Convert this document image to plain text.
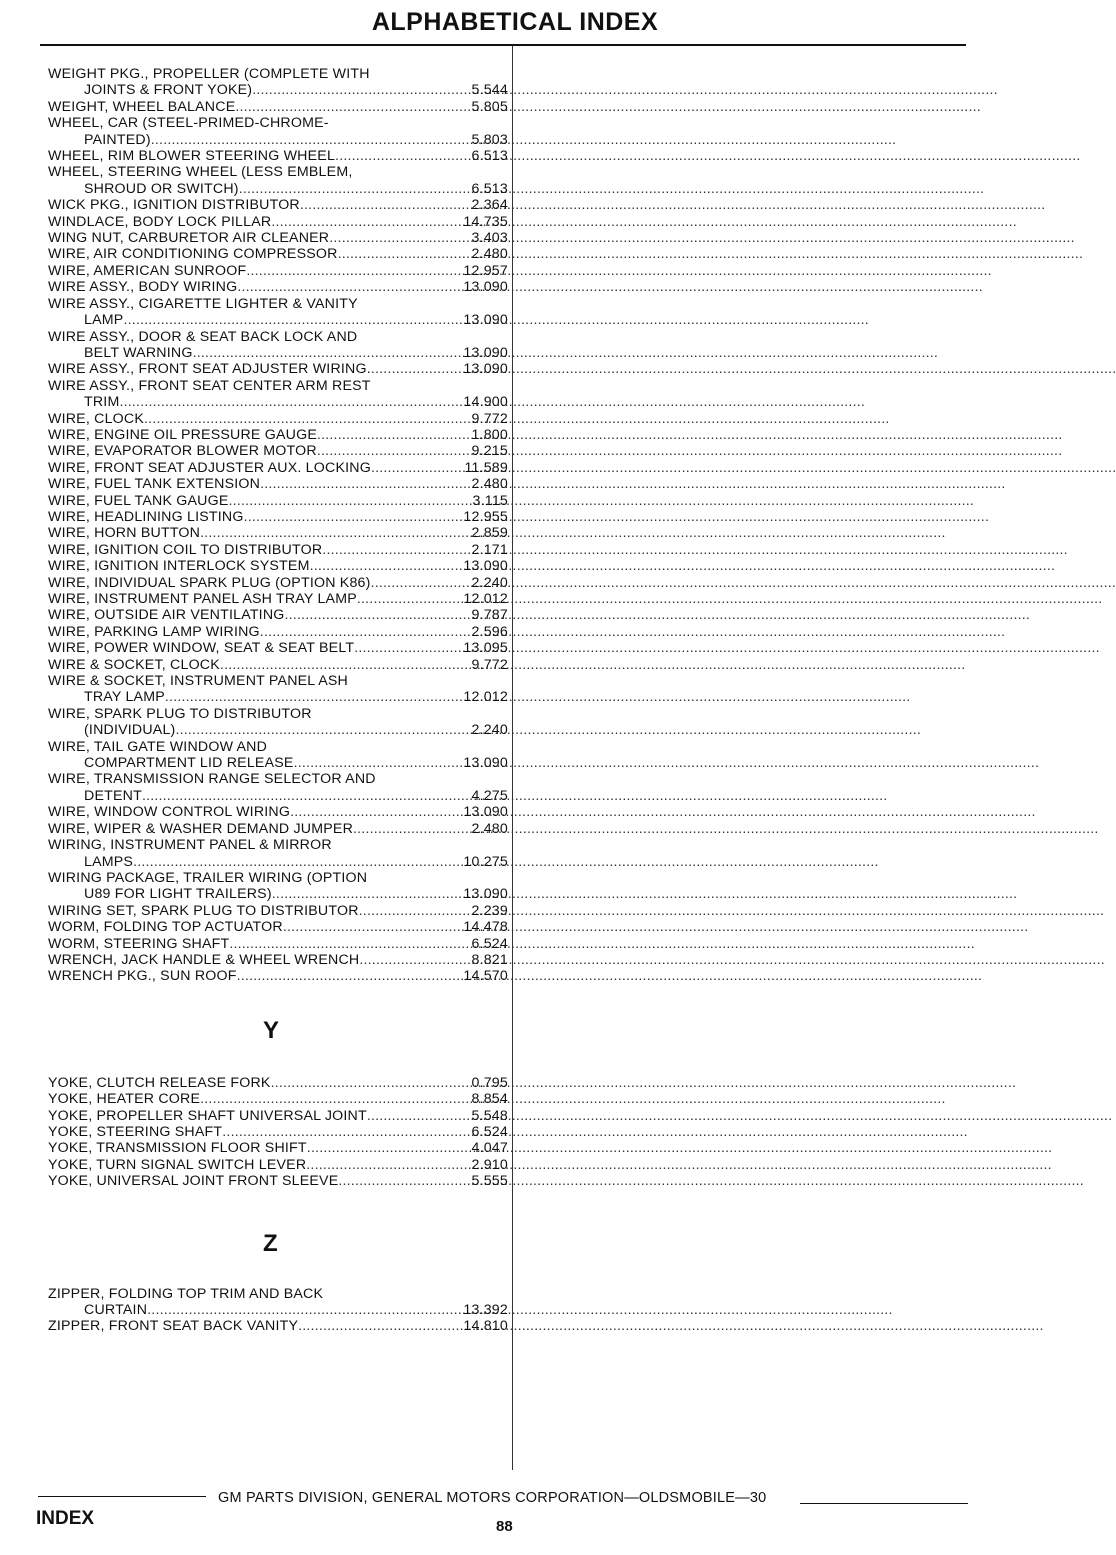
ALPHABETICAL INDEX
WEIGHT PKG., PROPELLER (COMPLETE WITH
JOINTS & FRONT YOKE) .....	5.544
WEIGHT, WHEEL BALANCE .....	5.805
WHEEL, CAR (STEEL-PRIMED-CHROME-
PAINTED) .....	5.803
WHEEL, RIM BLOWER STEERING WHEEL .....	6.513
WHEEL, STEERING WHEEL (LESS EMBLEM,
SHROUD OR SWITCH) .....	6.513
WICK PKG., IGNITION DISTRIBUTOR .....	2.364
WINDLACE, BODY LOCK PILLAR .....	14.735
WING NUT, CARBURETOR AIR CLEANER .....	3.403
WIRE, AIR CONDITIONING COMPRESSOR .....	2.480
WIRE, AMERICAN SUNROOF .....	12.957
WIRE ASSY., BODY WIRING .....	13.090
WIRE ASSY., CIGARETTE LIGHTER & VANITY
LAMP .....	13.090
WIRE ASSY., DOOR & SEAT BACK LOCK AND
BELT WARNING .....	13.090
WIRE ASSY., FRONT SEAT ADJUSTER WIRING. .....	13.090
WIRE ASSY., FRONT SEAT CENTER ARM REST
TRIM .....	14.900
WIRE, CLOCK .....	9.772
WIRE, ENGINE OIL PRESSURE GAUGE .....	1.800
WIRE, EVAPORATOR BLOWER MOTOR .....	9.215
WIRE, FRONT SEAT ADJUSTER AUX. LOCKING .....	11.589
WIRE, FUEL TANK EXTENSION .....	2.480
WIRE, FUEL TANK GAUGE .....	3.115
WIRE, HEADLINING LISTING .....	12.955
WIRE, HORN BUTTON .....	2.859
WIRE, IGNITION COIL TO DISTRIBUTOR .....	2.171
WIRE, IGNITION INTERLOCK SYSTEM .....	13.090
WIRE, INDIVIDUAL SPARK PLUG (OPTION K86) .....	2.240
WIRE, INSTRUMENT PANEL ASH TRAY LAMP .....	12.012
WIRE, OUTSIDE AIR VENTILATING .....	9.787
WIRE, PARKING LAMP WIRING .....	2.596
WIRE, POWER WINDOW, SEAT & SEAT BELT .....	13.095
WIRE & SOCKET, CLOCK .....	9.772
WIRE & SOCKET, INSTRUMENT PANEL ASH
TRAY LAMP .....	12.012
WIRE, SPARK PLUG TO DISTRIBUTOR
(INDIVIDUAL) .....	2.240
WIRE, TAIL GATE WINDOW AND
COMPARTMENT LID RELEASE .....	13.090
WIRE, TRANSMISSION RANGE SELECTOR AND
DETENT .....	4.275
WIRE, WINDOW CONTROL WIRING .....	13.090
WIRE, WIPER & WASHER DEMAND JUMPER .....	2.480
WIRING, INSTRUMENT PANEL & MIRROR
LAMPS .....	10.275
WIRING PACKAGE, TRAILER WIRING (OPTION
U89 FOR LIGHT TRAILERS) .....	13.090
WIRING SET, SPARK PLUG TO DISTRIBUTOR .....	2.239
WORM, FOLDING TOP ACTUATOR .....	14.478
WORM, STEERING SHAFT .....	6.524
WRENCH, JACK HANDLE & WHEEL WRENCH .....	8.821
WRENCH PKG., SUN ROOF .....	14.570
Y
YOKE, CLUTCH RELEASE FORK .....	0.795
YOKE, HEATER CORE .....	8.854
YOKE, PROPELLER SHAFT UNIVERSAL JOINT .....	5.548
YOKE, STEERING SHAFT .....	6.524
YOKE, TRANSMISSION FLOOR SHIFT .....	4.047
YOKE, TURN SIGNAL SWITCH LEVER .....	2.910
YOKE, UNIVERSAL JOINT FRONT SLEEVE .....	5.555
Z
ZIPPER, FOLDING TOP TRIM AND BACK
CURTAIN .....	13.392
ZIPPER, FRONT SEAT BACK VANITY .....	14.810
GM PARTS DIVISION, GENERAL MOTORS CORPORATION—OLDSMOBILE—30
INDEX	88
